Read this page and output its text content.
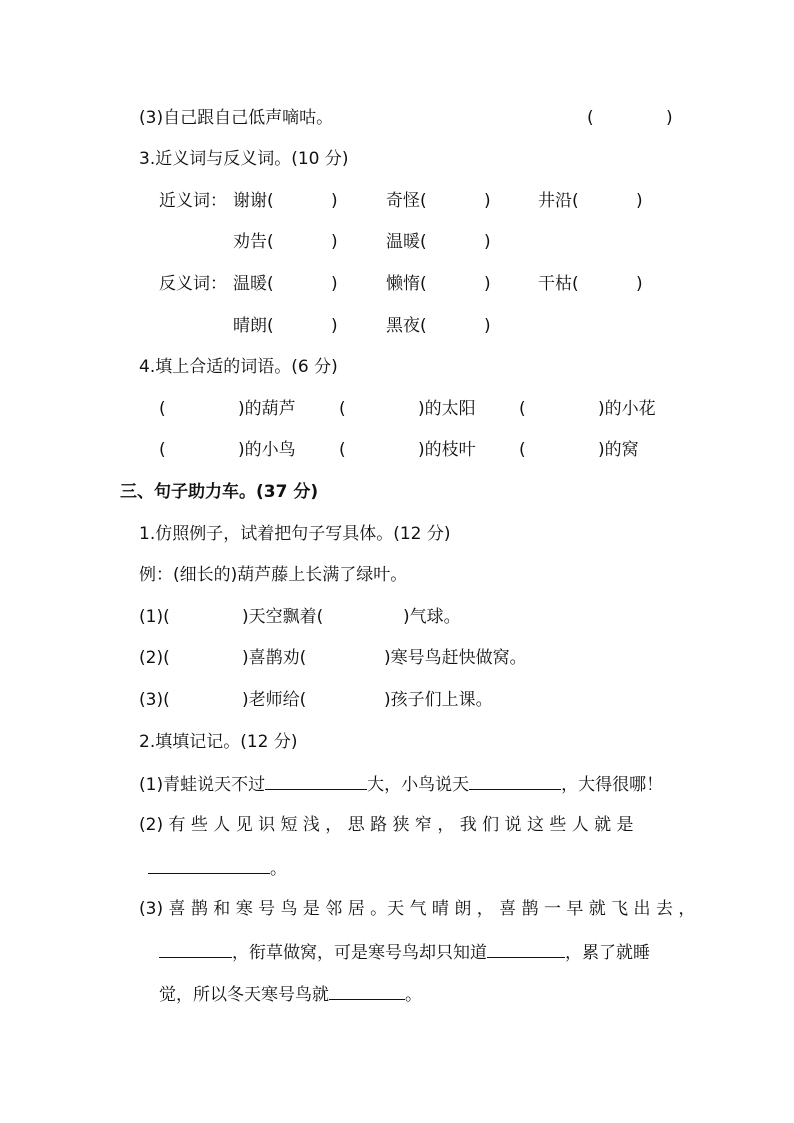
(3)自己跟自己低声嘀咕。	(	)
3.近义词与反义词。(10 分)
近义词： 谢谢(	)	奇怪(	)	井沿(	)
劝告(	)	温暖(	)
反义词： 温暖(	)	懒惰(	)	干枯(	)
晴朗(	)	黑夜(	)
4.填上合适的词语。(6 分)
(	)的葫芦	(	)的太阳	(	)的小花
(	)的小鸟	(	)的枝叶	(	)的窝
三、句子助力车。(37 分)
1.仿照例子，试着把句子写具体。(12 分)
例：(细长的)葫芦藤上长满了绿叶。
(1)(	)天空飘着(	)气球。
(2)(	)喜鹊劝(	)寒号鸟赶快做窝。
(3)(	)老师给(	)孩子们上课。
2.填填记记。(12 分)
(1)青蛙说天不过	大，小鸟说天	，大得很哪！
(2) 有 些 人 见 识 短 浅 ， 思 路 狭 窄 ， 我 们 说 这 些 人 就 是
。
(3) 喜 鹊 和 寒 号 鸟 是 邻 居 。天 气 晴 朗 ， 喜 鹊 一 早 就 飞 出 去 ，
，衔草做窝，可是寒号鸟却只知道	，累了就睡
觉，所以冬天寒号鸟就	。
